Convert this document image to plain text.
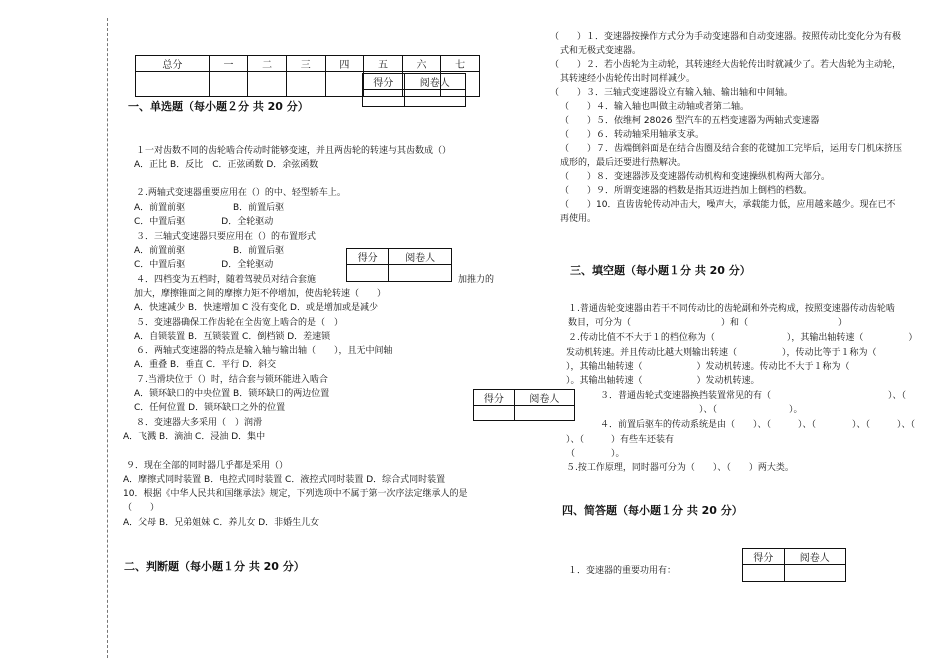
总分	一	二	三	四	五	六	七

得分	阅卷人

得分	阅卷人

得分	阅卷人

得分	阅卷人

一、单选题（每小题２分 共 20 分）
二、判断题（每小题１分 共 20 分）
三、填空题（每小题１分 共 20 分）
四、简答题（每小题１分 共 20 分）
１一对齿数不同的齿轮啮合传动时能够变速，并且两齿轮的转速与其齿数成（）
A．正比 B．反比　C．正弦函数 D．余弦函数
２.两轴式变速器重要应用在（）的中、轻型轿车上。
A．前置前驱	B．前置后驱
C．中置后驱　　　　D．全轮驱动
３．三轴式变速器只要应用在（）的布置形式
A．前置前驱	B．前置后驱
C．中置后驱　　　　D．全轮驱动
４．四档变为五档时，随着驾驶员对结合套施	加推力的
加大，摩擦锥面之间的摩擦力矩不停增加，使齿轮转速（　　）
A．快速减少 B．快速增加 C 没有变化 D．或是增加或是减少
５．变速器确保工作齿轮在全齿宽上啮合的是（　）
A．自锁装置 B．互锁装置 C．倒档锁 D．差速锁
６．两轴式变速器的特点是输入轴与输出轴（　　），且无中间轴
A．重叠 B．垂直 C．平行 D．斜交
７.当滑块位于（）时，结合套与锁环能进入啮合
A．锁环缺口的中央位置 B．锁环缺口的两边位置
C．任何位置 D．锁环缺口之外的位置
８．变速器大多采用（　）润滑
A．飞溅 B．滴油 C．浸油 D．集中
９．现在全部的同时器几乎都是采用（）
A．摩擦式同时装置 B．电控式同时装置 C．液控式同时装置 D．综合式同时装置
10．根据《中华人民共和国继承法》规定，下列选项中不属于第一次序法定继承人的是
（　　）
A．父母 B．兄弟姐妹 C．养儿女 D．非婚生儿女
（　　）１．变速器按操作方式分为手动变速器和自动变速器。按照传动比变化分为有极
式和无极式变速器。
（　　）２．若小齿轮为主动轮，其转速经大齿轮传出时就减少了。若大齿轮为主动轮，
其转速经小齿轮传出时同样减少。
（　　）３．三轴式变速器设立有输入轴、输出轴和中间轴。
（　　）４．输入轴也叫做主动轴或者第二轴。
（　　）５．依维柯 28026 型汽车的五档变速器为两轴式变速器
（　　）６．转动轴采用轴承支承。
（　　）７．齿端倒斜面是在结合齿圈及结合套的花键加工完毕后，运用专门机床挤压
成形的，最后还要进行热解决。
（　　）８．变速器涉及变速器传动机构和变速操纵机构两大部分。
（　　）９．所谓变速器的档数是指其迈进挡加上倒档的档数。
（　　）10．直齿齿轮传动冲击大，噪声大，承载能力低，应用越来越少。现在已不
再使用。
１.普通齿轮变速器由若干不同传动比的齿轮副和外壳构成，按照变速器传动齿轮啮
数目，可分为（　　　　　　　　　　）和（　　　　　　　　　　）
２.传动比值不不大于１的档位称为（　　　　　　　　），其输出轴转速（　　　　　）
发动机转速。并且传动比越大则输出转速（　　　　　），传动比等于１称为（　　　
），其输出轴转速（　　　　　　）发动机转速。传动比不大于１称为（　　　　　　
）。其输出轴转速（　　　　　　）发动机转速。
３．普通齿轮式变速器换挡装置常见的有（　　　　　　　　　　　　　）、（　　
　　　　　　　　　　　）、（　　　　　　　　）。
４．前置后驱车的传动系统是由（　　）、（　　　）、（　　　　）、（　　　）、（　　
）、（　　　）有些车还装有
（　　　　）。
５.按工作原理，同时器可分为（　　）、（　　）两大类。
１．变速器的重要功用有：
